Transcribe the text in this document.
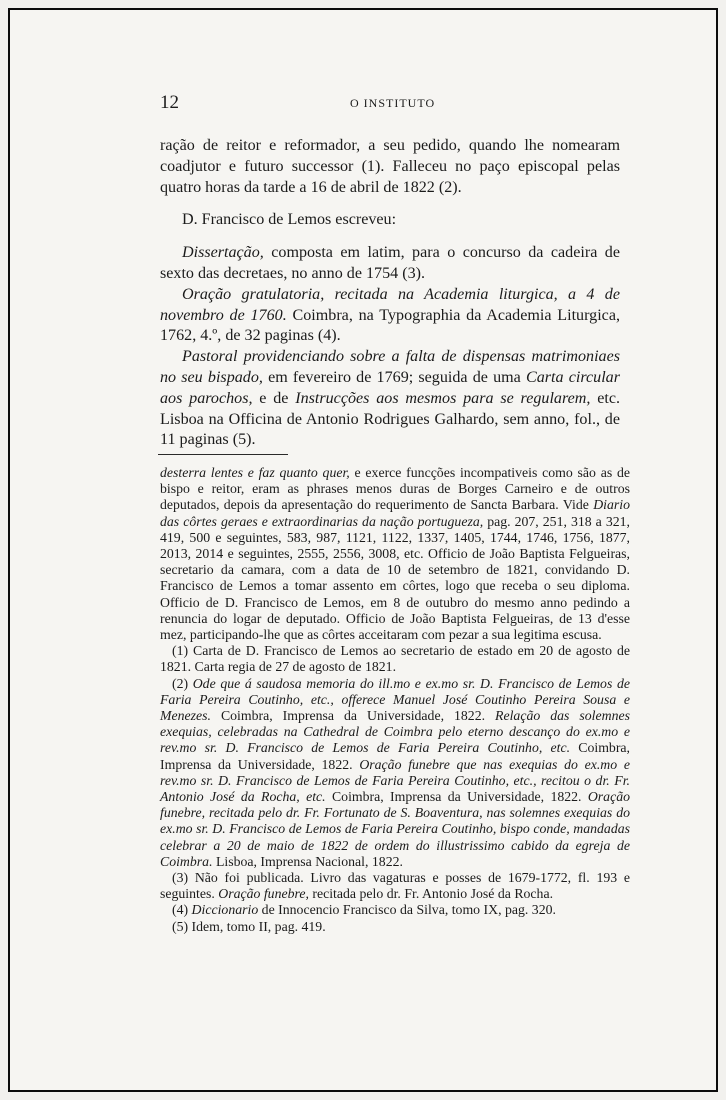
12	O INSTITUTO

ração de reitor e reformador, a seu pedido, quando lhe nomearam coadjutor e futuro successor (1). Falleceu no paço episcopal pelas quatro horas da tarde a 16 de abril de 1822 (2).

D. Francisco de Lemos escreveu:

Dissertação, composta em latim, para o concurso da cadeira de sexto das decretaes, no anno de 1754 (3).

Oração gratulatoria, recitada na Academia liturgica, a 4 de novembro de 1760. Coimbra, na Typographia da Academia Liturgica, 1762, 4.º, de 32 paginas (4).

Pastoral providenciando sobre a falta de dispensas matrimoniaes no seu bispado, em fevereiro de 1769; seguida de uma Carta circular aos parochos, e de Instrucções aos mesmos para se regularem, etc. Lisboa na Officina de Antonio Rodrigues Galhardo, sem anno, fol., de 11 paginas (5).

desterra lentes e faz quanto quer, e exerce funcções incompativeis como são as de bispo e reitor, eram as phrases menos duras de Borges Carneiro e de outros deputados, depois da apresentação do requerimento de Sancta Barbara. Vide Diario das côrtes geraes e extraordinarias da nação portugueza, pag. 207, 251, 318 a 321, 419, 500 e seguintes, 583, 987, 1121, 1122, 1337, 1405, 1744, 1746, 1756, 1877, 2013, 2014 e seguintes, 2555, 2556, 3008, etc. Officio de João Baptista Felgueiras, secretario da camara, com a data de 10 de setembro de 1821, convidando D. Francisco de Lemos a tomar assento em côrtes, logo que receba o seu diploma. Officio de D. Francisco de Lemos, em 8 de outubro do mesmo anno pedindo a renuncia do logar de deputado. Officio de João Baptista Felgueiras, de 13 d'esse mez, participando-lhe que as côrtes acceitaram com pezar a sua legitima escusa.

(1) Carta de D. Francisco de Lemos ao secretario de estado em 20 de agosto de 1821. Carta regia de 27 de agosto de 1821.

(2) Ode que á saudosa memoria do ill.mo e ex.mo sr. D. Francisco de Lemos de Faria Pereira Coutinho, etc., offerece Manuel José Coutinho Pereira Sousa e Menezes. Coimbra, Imprensa da Universidade, 1822. Relação das solemnes exequias, celebradas na Cathedral de Coimbra pelo eterno descanço do ex.mo e rev.mo sr. D. Francisco de Lemos de Faria Pereira Coutinho, etc. Coimbra, Imprensa da Universidade, 1822. Oração funebre que nas exequias do ex.mo e rev.mo sr. D. Francisco de Lemos de Faria Pereira Coutinho, etc., recitou o dr. Fr. Antonio José da Rocha, etc. Coimbra, Imprensa da Universidade, 1822. Oração funebre, recitada pelo dr. Fr. Fortunato de S. Boaventura, nas solemnes exequias do ex.mo sr. D. Francisco de Lemos de Faria Pereira Coutinho, bispo conde, mandadas celebrar a 20 de maio de 1822 de ordem do illustrissimo cabido da egreja de Coimbra. Lisboa, Imprensa Nacional, 1822.

(3) Não foi publicada. Livro das vagaturas e posses de 1679-1772, fl. 193 e seguintes. Oração funebre, recitada pelo dr. Fr. Antonio José da Rocha.

(4) Diccionario de Innocencio Francisco da Silva, tomo IX, pag. 320.

(5) Idem, tomo II, pag. 419.
